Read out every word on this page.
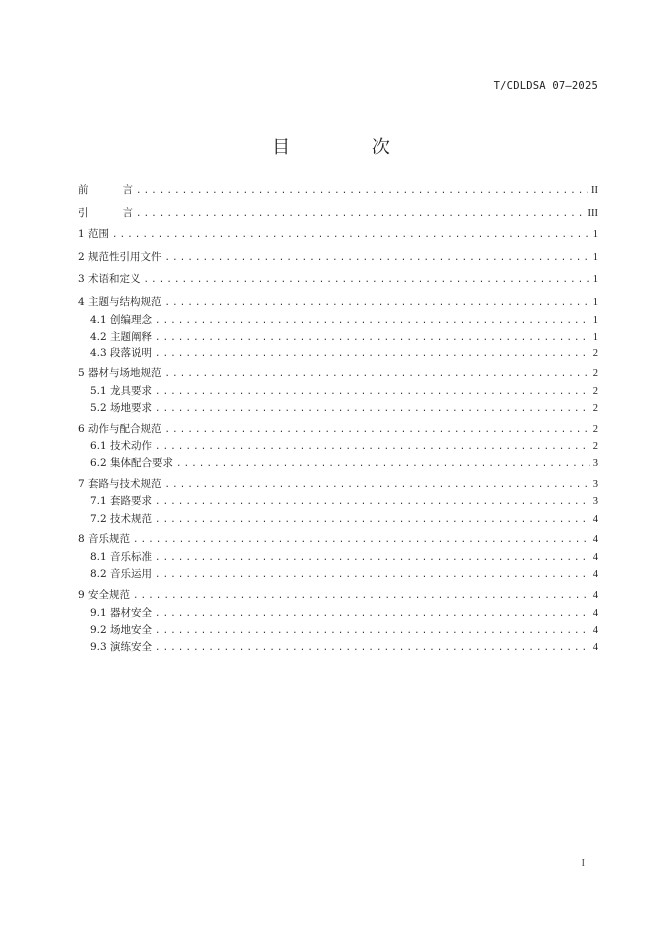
T/CDLDSA 07—2025
目 次
前言 .....	II
引言 .....	III
1 范围 .....	1
2 规范性引用文件 .....	1
3 术语和定义 .....	1
4 主题与结构规范 .....	1
4.1 创编理念 .....	1
4.2 主题阐释 .....	1
4.3 段落说明 .....	2
5 器材与场地规范 .....	2
5.1 龙具要求 .....	2
5.2 场地要求 .....	2
6 动作与配合规范 .....	2
6.1 技术动作 .....	2
6.2 集体配合要求 .....	3
7 套路与技术规范 .....	3
7.1 套路要求 .....	3
7.2 技术规范 .....	4
8 音乐规范 .....	4
8.1 音乐标准 .....	4
8.2 音乐运用 .....	4
9 安全规范 .....	4
9.1 器材安全 .....	4
9.2 场地安全 .....	4
9.3 演练安全 .....	4
I
